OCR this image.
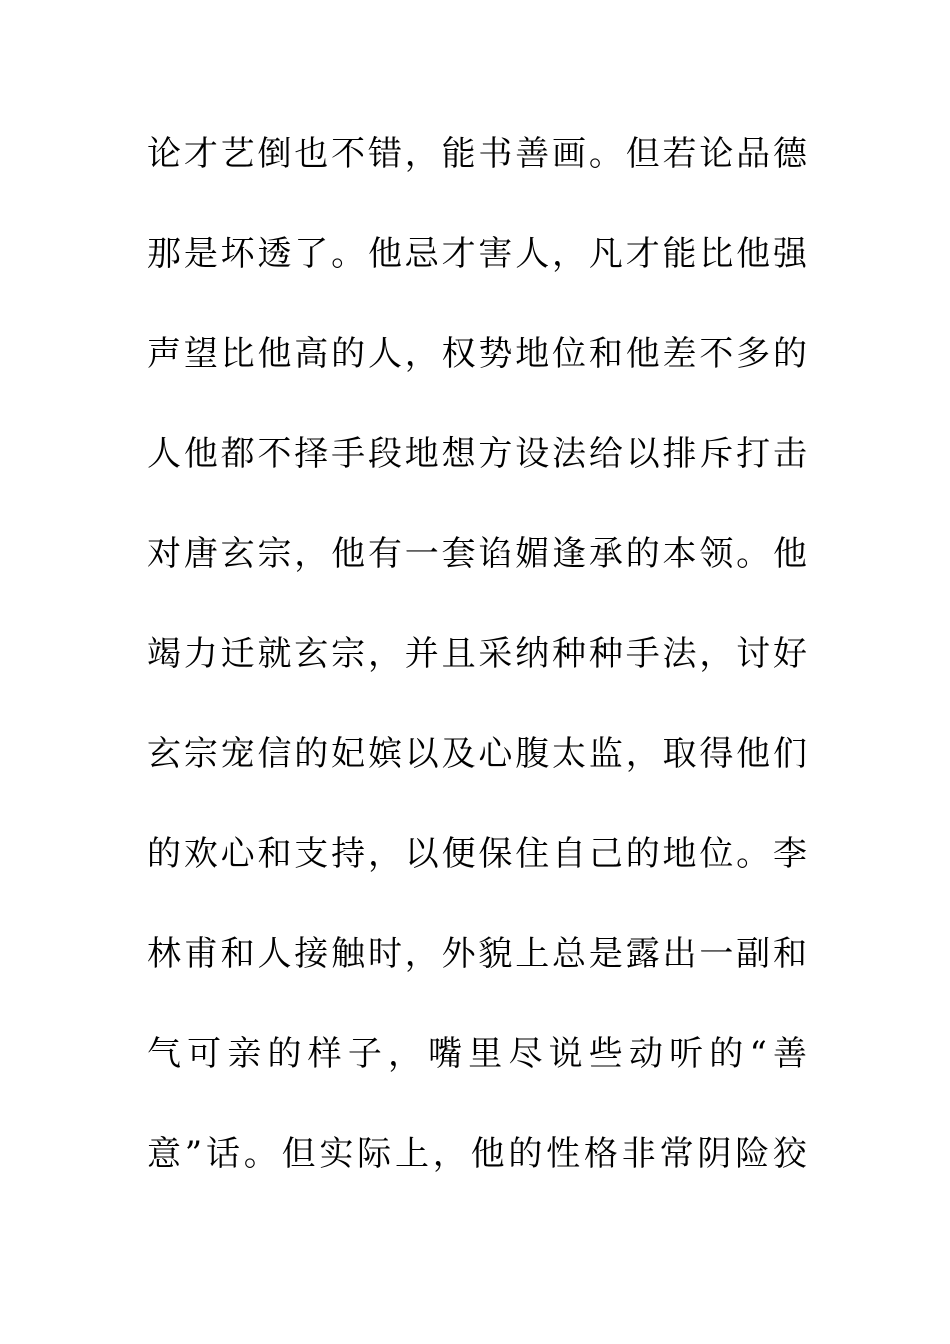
论才艺倒也不错，能书善画。但若论品德
那是坏透了。他忌才害人，凡才能比他强
声望比他高的人，权势地位和他差不多的
人他都不择手段地想方设法给以排斥打击
对唐玄宗，他有一套谄媚逢承的本领。他
竭力迁就玄宗，并且采纳种种手法，讨好
玄宗宠信的妃嫔以及心腹太监，取得他们
的欢心和支持，以便保住自己的地位。李
林甫和人接触时，外貌上总是露出一副和
气可亲的样子，嘴里尽说些动听的“善
意”话。但实际上，他的性格非常阴险狡
